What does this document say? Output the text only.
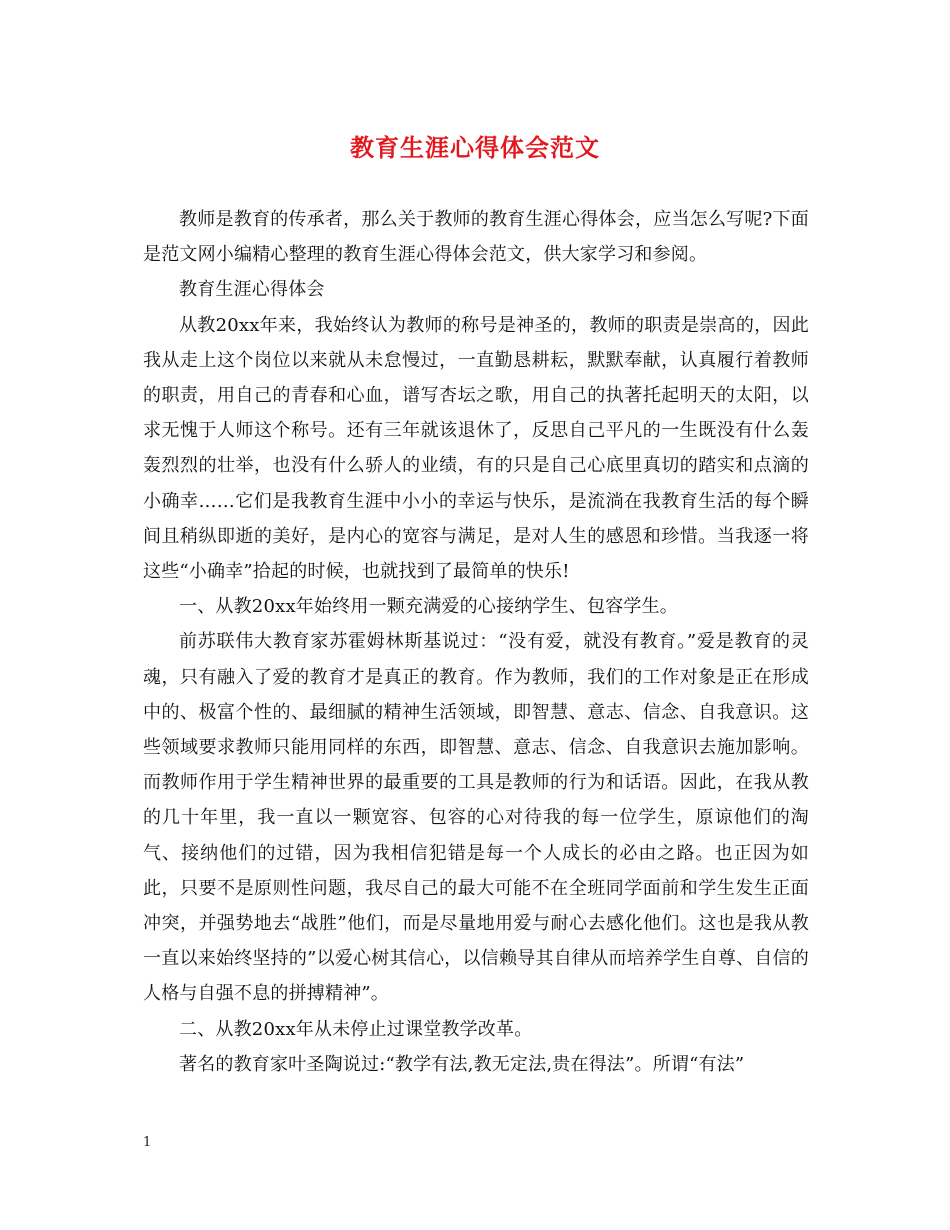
教育生涯心得体会范文

教师是教育的传承者，那么关于教师的教育生涯心得体会，应当怎么写呢?下面是范文网小编精心整理的教育生涯心得体会范文，供大家学习和参阅。

教育生涯心得体会

从教20xx年来，我始终认为教师的称号是神圣的，教师的职责是崇高的，因此我从走上这个岗位以来就从未怠慢过，一直勤恳耕耘，默默奉献，认真履行着教师的职责，用自己的青春和心血，谱写杏坛之歌，用自己的执著托起明天的太阳，以求无愧于人师这个称号。还有三年就该退休了，反思自己平凡的一生既没有什么轰轰烈烈的壮举，也没有什么骄人的业绩，有的只是自己心底里真切的踏实和点滴的小确幸……它们是我教育生涯中小小的幸运与快乐，是流淌在我教育生活的每个瞬间且稍纵即逝的美好，是内心的宽容与满足，是对人生的感恩和珍惜。当我逐一将这些“小确幸”拾起的时候，也就找到了最简单的快乐!

一、从教20xx年始终用一颗充满爱的心接纳学生、包容学生。

前苏联伟大教育家苏霍姆林斯基说过：“没有爱，就没有教育。”爱是教育的灵魂，只有融入了爱的教育才是真正的教育。作为教师，我们的工作对象是正在形成中的、极富个性的、最细腻的精神生活领域，即智慧、意志、信念、自我意识。这些领域要求教师只能用同样的东西，即智慧、意志、信念、自我意识去施加影响。而教师作用于学生精神世界的最重要的工具是教师的行为和话语。因此，在我从教的几十年里，我一直以一颗宽容、包容的心对待我的每一位学生，原谅他们的淘气、接纳他们的过错，因为我相信犯错是每一个人成长的必由之路。也正因为如此，只要不是原则性问题，我尽自己的最大可能不在全班同学面前和学生发生正面冲突，并强势地去“战胜”他们，而是尽量地用爱与耐心去感化他们。这也是我从教一直以来始终坚持的”以爱心树其信心，以信赖导其自律从而培养学生自尊、自信的人格与自强不息的拼搏精神”。

二、从教20xx年从未停止过课堂教学改革。

著名的教育家叶圣陶说过:“教学有法,教无定法,贵在得法”。所谓“有法”

1
